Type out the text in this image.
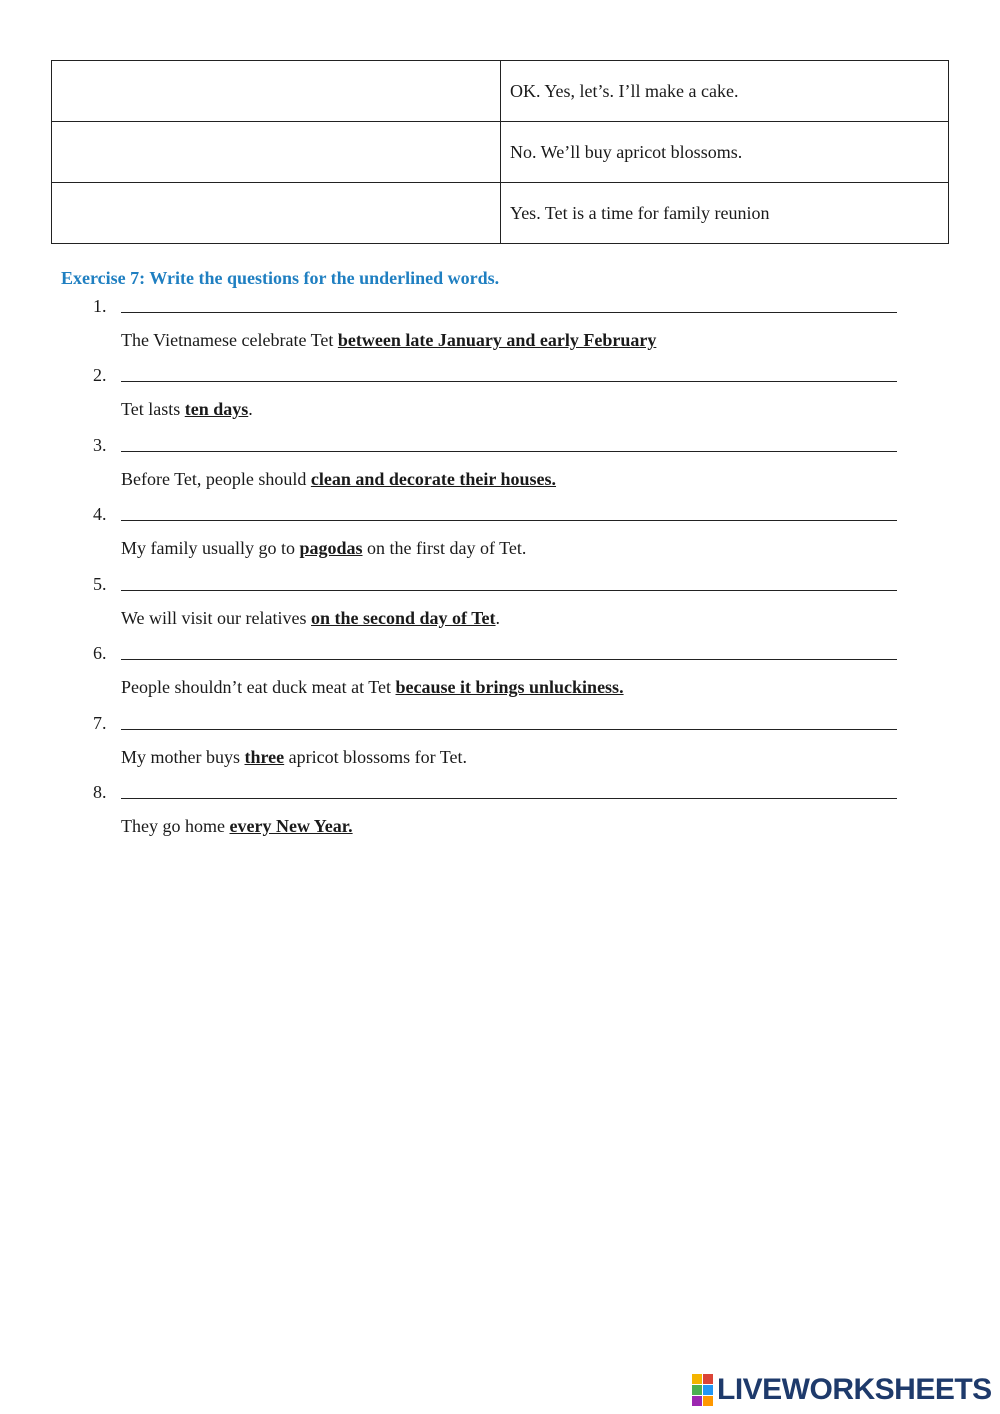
	OK. Yes, let’s. I’ll make a cake.
	No. We’ll buy apricot blossoms.
	Yes. Tet is a time for family reunion
Exercise 7: Write the questions for the underlined words.
1.
The Vietnamese celebrate Tet between late January and early February
2.
Tet lasts ten days.
3.
Before Tet, people should clean and decorate their houses.
4.
My family usually go to pagodas on the first day of Tet.
5.
We will visit our relatives on the second day of Tet.
6.
People shouldn’t eat duck meat at Tet because it brings unluckiness.
7.
My mother buys three apricot blossoms for Tet.
8.
They go home every New Year.
LIVEWORKSHEETS
